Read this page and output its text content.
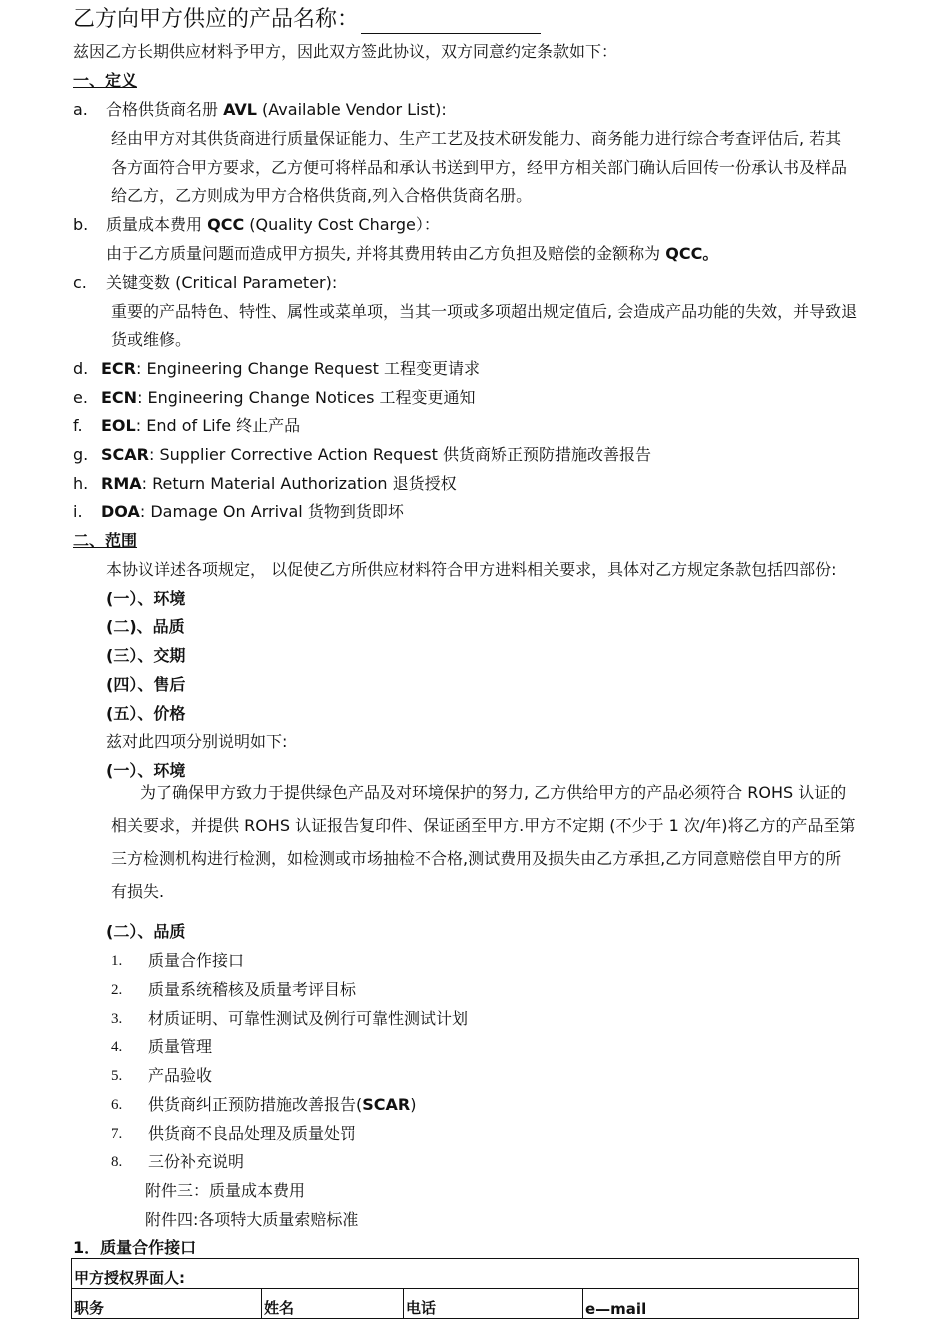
乙方向甲方供应的产品名称：
兹因乙方长期供应材料予甲方，因此双方签此协议，双方同意约定条款如下：
一、定义
a. 合格供货商名册 AVL (Available Vendor List):
经由甲方对其供货商进行质量保证能力、生产工艺及技术研发能力、商务能力进行综合考查评估后, 若其
各方面符合甲方要求，乙方便可将样品和承认书送到甲方，经甲方相关部门确认后回传一份承认书及样品
给乙方，乙方则成为甲方合格供货商,列入合格供货商名册。
b. 质量成本费用 QCC (Quality Cost Charge）：
由于乙方质量问题而造成甲方损失, 并将其费用转由乙方负担及赔偿的金额称为 QCC。
c. 关键变数 (Critical Parameter):
重要的产品特色、特性、属性或菜单项，当其一项或多项超出规定值后, 会造成产品功能的失效，并导致退
货或维修。
d. ECR: Engineering Change Request 工程变更请求
e. ECN: Engineering Change Notices 工程变更通知
f. EOL: End of Life 终止产品
g. SCAR: Supplier Corrective Action Request 供货商矫正预防措施改善报告
h. RMA: Return Material Authorization 退货授权
i. DOA: Damage On Arrival 货物到货即坏
二、范围
本协议详述各项规定， 以促使乙方所供应材料符合甲方进料相关要求，具体对乙方规定条款包括四部份:
(一）、环境
(二)、品质
(三）、交期
(四）、售后
(五）、价格
兹对此四项分别说明如下:
(一）、环境
为了确保甲方致力于提供绿色产品及对环境保护的努力, 乙方供给甲方的产品必须符合 ROHS 认证的
相关要求，并提供 ROHS 认证报告复印件、保证函至甲方.甲方不定期 (不少于 1 次/年)将乙方的产品至第
三方检测机构进行检测，如检测或市场抽检不合格,测试费用及损失由乙方承担,乙方同意赔偿自甲方的所
有损失.
(二）、品质
1. 质量合作接口
2. 质量系统稽核及质量考评目标
3. 材质证明、可靠性测试及例行可靠性测试计划
4. 质量管理
5. 产品验收
6. 供货商纠正预防措施改善报告(SCAR)
7. 供货商不良品处理及质量处罚
8. 三份补充说明
附件三：质量成本费用
附件四:各项特大质量索赔标准
1．质量合作接口
甲方授权界面人:
职务	姓名	电话	e—mail
